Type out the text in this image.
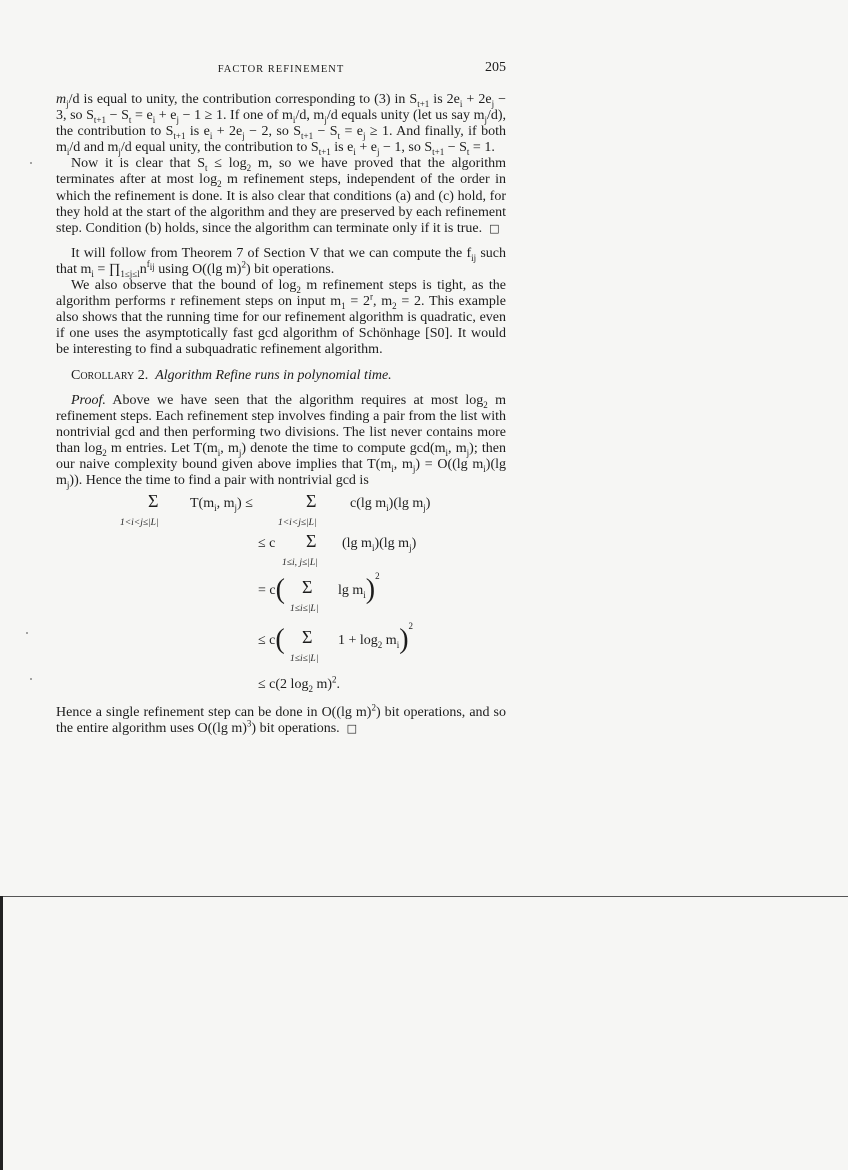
FACTOR REFINEMENT	205

$m_j/d$ is equal to unity, the contribution corresponding to (3) in $S_{t+1}$ is $2e_i + 2e_j - 3$, so $S_{t+1} - S_t = e_i + e_j - 1 \ge 1$. If one of $m_i/d$, $m_j/d$ equals unity (let us say $m_j/d$), the contribution to $S_{t+1}$ is $e_i + 2e_j - 2$, so $S_{t+1} - S_t = e_j \ge 1$. And finally, if both $m_i/d$ and $m_j/d$ equal unity, the contribution to $S_{t+1}$ is $e_i + e_j - 1$, so $S_{t+1} - S_t = 1$.

Now it is clear that $S_t \le \log_2 m$, so we have proved that the algorithm terminates after at most $\log_2 m$ refinement steps, independent of the order in which the refinement is done. It is also clear that conditions (a) and (c) hold, for they hold at the start of the algorithm and they are preserved by each refinement step. Condition (b) holds, since the algorithm can terminate only if it is true. □

It will follow from Theorem 7 of Section V that we can compute the $f_{ij}$ such that $m_i$ = $\prod_{1\le j\le l}n^{f_{ij}}$ using O((lg m)$^2$) bit operations.

We also observe that the bound of $\log_2 m$ refinement steps is tight, as the algorithm performs r refinement steps on input $m_1 = 2^r$, $m_2 = 2$. This example also shows that the running time for our refinement algorithm is quadratic, even if one uses the asymptotically fast gcd algorithm of Schönhage [S0]. It would be interesting to find a subquadratic refinement algorithm.

Corollary 2. Algorithm Refine runs in polynomial time.

Proof. Above we have seen that the algorithm requires at most $\log_2 m$ refinement steps. Each refinement step involves finding a pair from the list with nontrivial gcd and then performing two divisions. The list never contains more than $\log_2 m$ entries. Let $T(m_i$, $m_j$) denote the time to compute $\gcd(m_i$, $m_j$); then our naive complexity bound given above implies that $T(m_i$, $m_j) = O((\lg$ $m_i)(\lg$ $m_j$)). Hence the time to find a pair with nontrivial gcd is

Σ
1<i<j≤|L|
$T(m_i$, $m_j$) ≤	Σ
1<i<j≤|L|
c(lg $m_i)(\lg$ $m_j$)
≤ c Σ
1≤i, j≤|L|
(lg $m_i)(\lg$ $m_j$)
= c( Σ
1≤i≤|L|
$\lg m_i)^2$
≤ c( Σ
1≤i≤|L|
$1 + \log_2 m_i)^2$
≤ c(2 $\log_2 m)^2$.

Hence a single refinement step can be done in O((lg m)$^2$) bit operations, and so the entire algorithm uses O((lg m)$^3$) bit operations. □
